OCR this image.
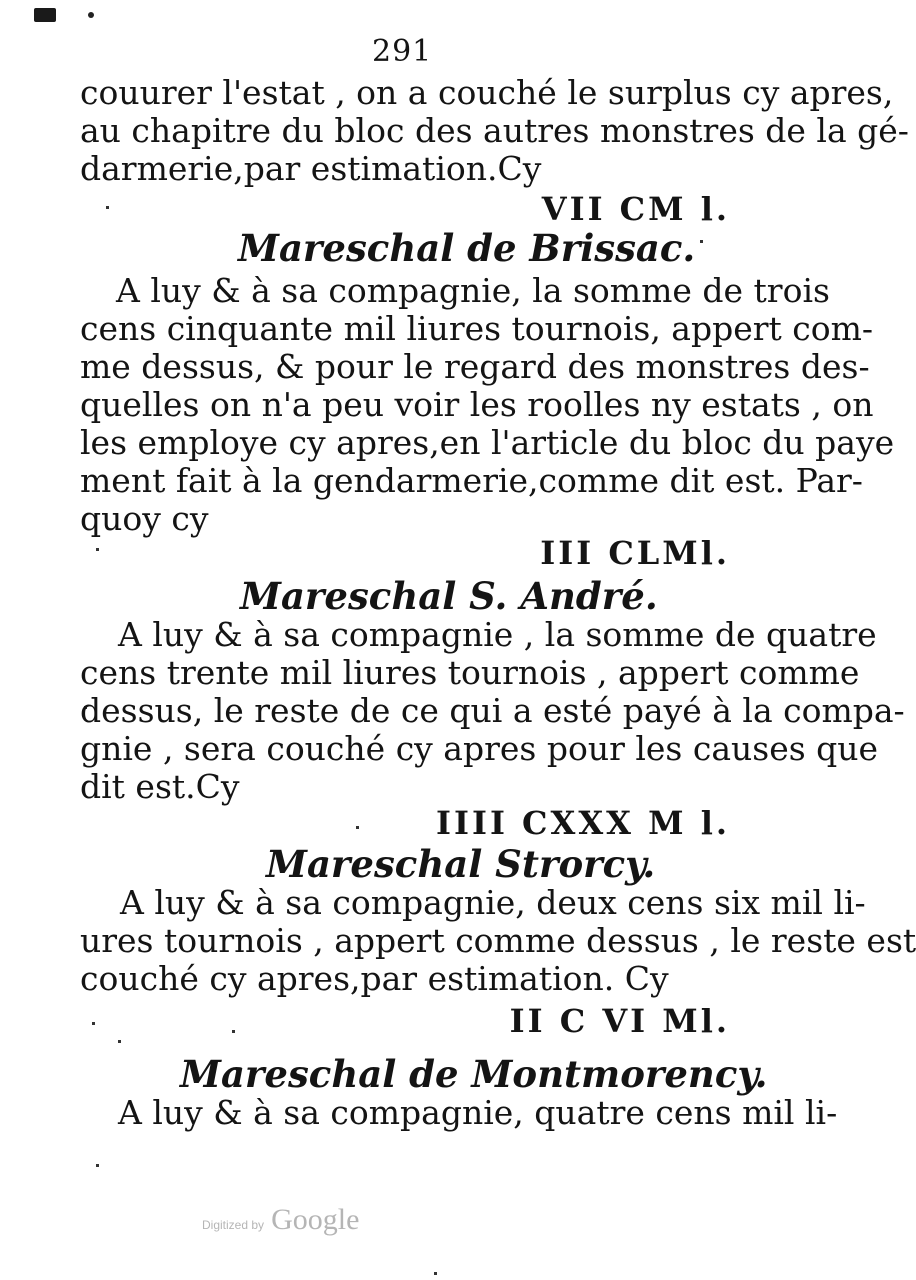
291

couurer l'estat , on a couché le surplus cy apres,

au chapitre du bloc des autres monstres de la gé-

darmerie,par estimation.Cy

VII CM l.
Mareschal de Brissac.

A luy & à sa compagnie, la somme de trois

cens cinquante mil liures tournois, appert com-

me dessus, & pour le regard des monstres des-

quelles on n'a peu voir les roolles ny estats , on

les employe cy apres,en l'article du bloc du paye

ment fait à la gendarmerie,comme dit est. Par-

quoy cy

III CLMl.
Mareschal S. André.

A luy & à sa compagnie , la somme de quatre

cens trente mil liures tournois , appert comme

dessus, le reste de ce qui a esté payé à la compa-

gnie , sera couché cy apres pour les causes que

dit est.Cy

IIII CXXX M l.
Mareschal Strorcy.

A luy & à sa compagnie, deux cens six mil li-

ures tournois , appert comme dessus , le reste est

couché cy apres,par estimation. Cy

II C VI Ml.
Mareschal de Montmorency.

A luy & à sa compagnie, quatre cens mil li-

Digitized by Google
